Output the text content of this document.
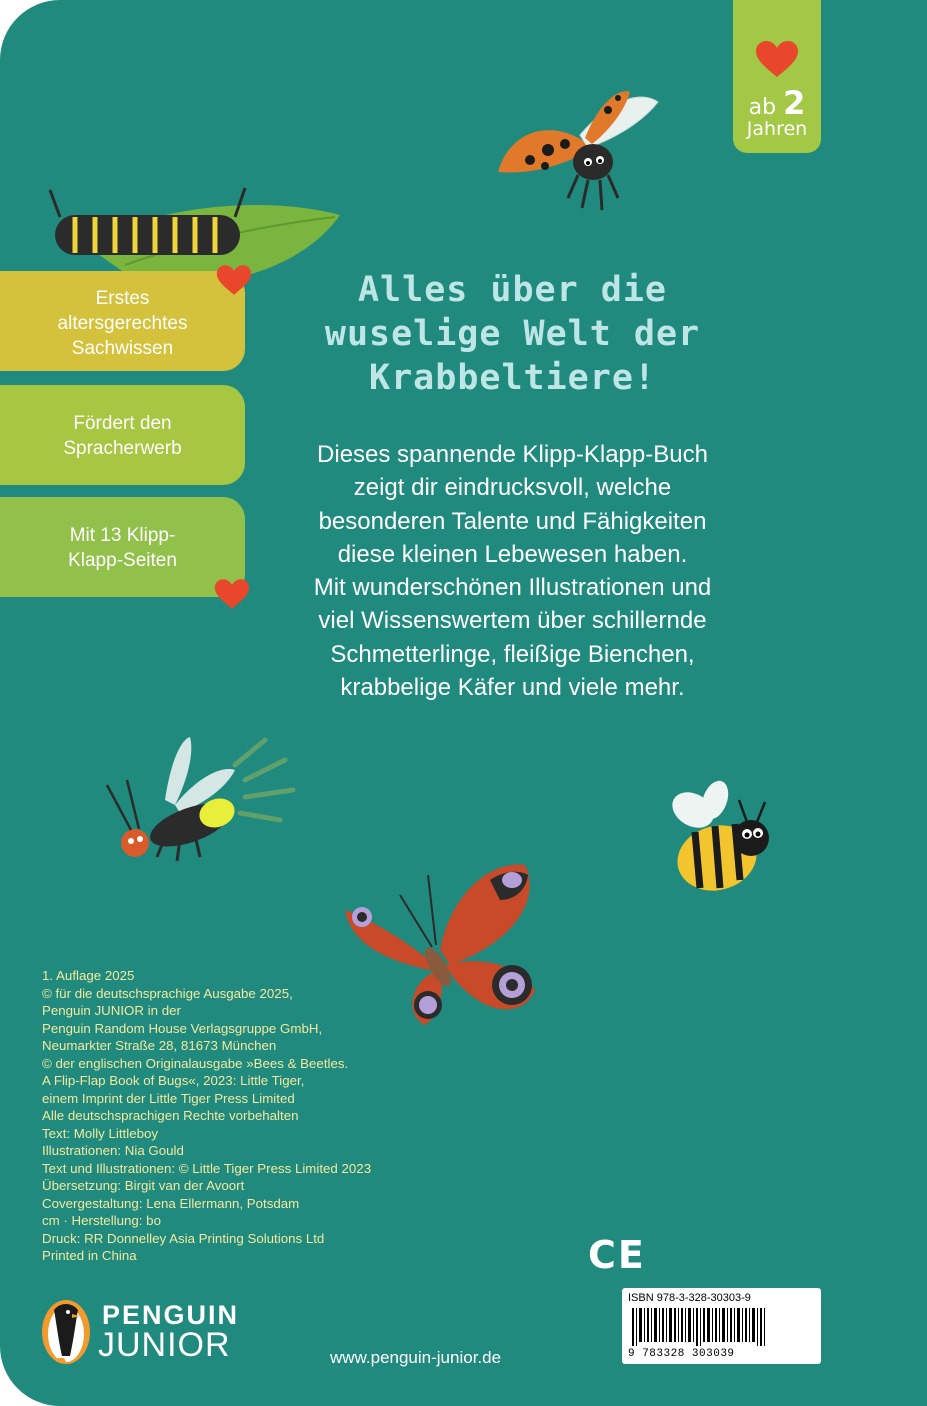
ab 2
Jahren
Erstes
altersgerechtes
Sachwissen
Fördert den
Spracherwerb
Mit 13 Klipp-
Klapp-Seiten
Alles über die
wuselige Welt der
Krabbeltiere!
Dieses spannende Klipp-Klapp-Buch
zeigt dir eindrucksvoll, welche
besonderen Talente und Fähigkeiten
diese kleinen Lebewesen haben.
Mit wunderschönen Illustrationen und
viel Wissenswertem über schillernde
Schmetterlinge, fleißige Bienchen,
krabbelige Käfer und viele mehr.
1. Auflage 2025
© für die deutschsprachige Ausgabe 2025,
Penguin JUNIOR in der
Penguin Random House Verlagsgruppe GmbH,
Neumarkter Straße 28, 81673 München
© der englischen Originalausgabe »Bees & Beetles.
A Flip-Flap Book of Bugs«, 2023: Little Tiger,
einem Imprint der Little Tiger Press Limited
Alle deutschsprachigen Rechte vorbehalten
Text: Molly Littleboy
Illustrationen: Nia Gould
Text und Illustrationen: © Little Tiger Press Limited 2023
Übersetzung: Birgit van der Avoort
Covergestaltung: Lena Ellermann, Potsdam
cm · Herstellung: bo
Druck: RR Donnelley Asia Printing Solutions Ltd
Printed in China	CE
ISBN 978-3-328-30303-9
9 783328 303039
PENGUIN
JUNIOR	www.penguin-junior.de
